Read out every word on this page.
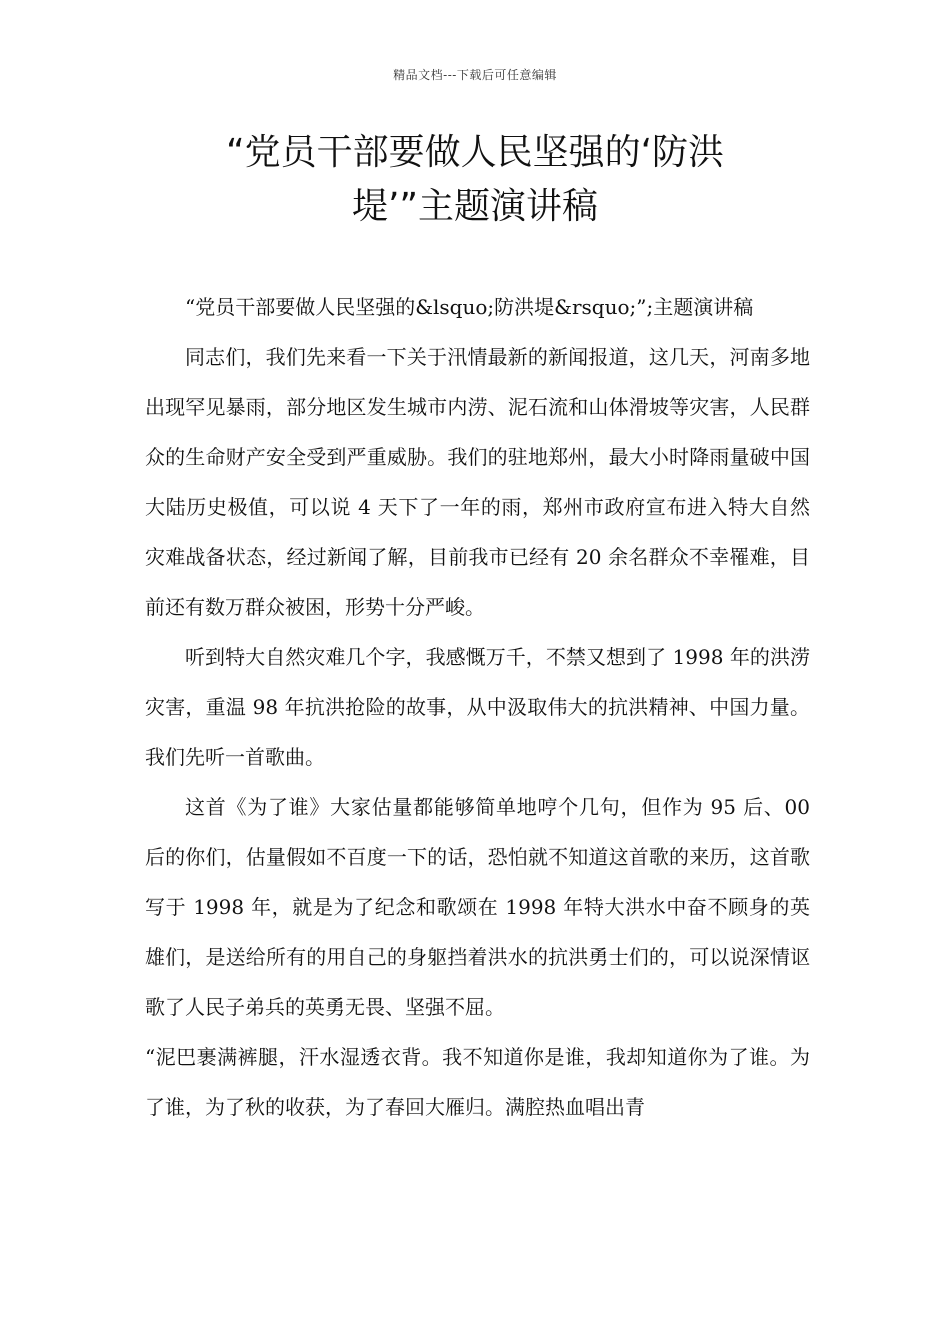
精品文档---下载后可任意编辑
“党员干部要做人民坚强的‘防洪
堤’”主题演讲稿

“党员干部要做人民坚强的&lsquo;防洪堤&rsquo;”;主题演讲稿

同志们，我们先来看一下关于汛情最新的新闻报道，这几天，河南多地出现罕见暴雨，部分地区发生城市内涝、泥石流和山体滑坡等灾害，人民群众的生命财产安全受到严重威胁。我们的驻地郑州，最大小时降雨量破中国大陆历史极值，可以说 4 天下了一年的雨，郑州市政府宣布进入特大自然灾难战备状态，经过新闻了解，目前我市已经有 20 余名群众不幸罹难，目前还有数万群众被困，形势十分严峻。

听到特大自然灾难几个字，我感慨万千，不禁又想到了 1998 年的洪涝灾害，重温 98 年抗洪抢险的故事，从中汲取伟大的抗洪精神、中国力量。我们先听一首歌曲。

这首《为了谁》大家估量都能够简单地哼个几句，但作为 95 后、00 后的你们，估量假如不百度一下的话，恐怕就不知道这首歌的来历，这首歌写于 1998 年，就是为了纪念和歌颂在 1998 年特大洪水中奋不顾身的英雄们，是送给所有的用自己的身躯挡着洪水的抗洪勇士们的，可以说深情讴歌了人民子弟兵的英勇无畏、坚强不屈。

“泥巴裹满裤腿，汗水湿透衣背。我不知道你是谁，我却知道你为了谁。为了谁，为了秋的收获，为了春回大雁归。满腔热血唱出青
